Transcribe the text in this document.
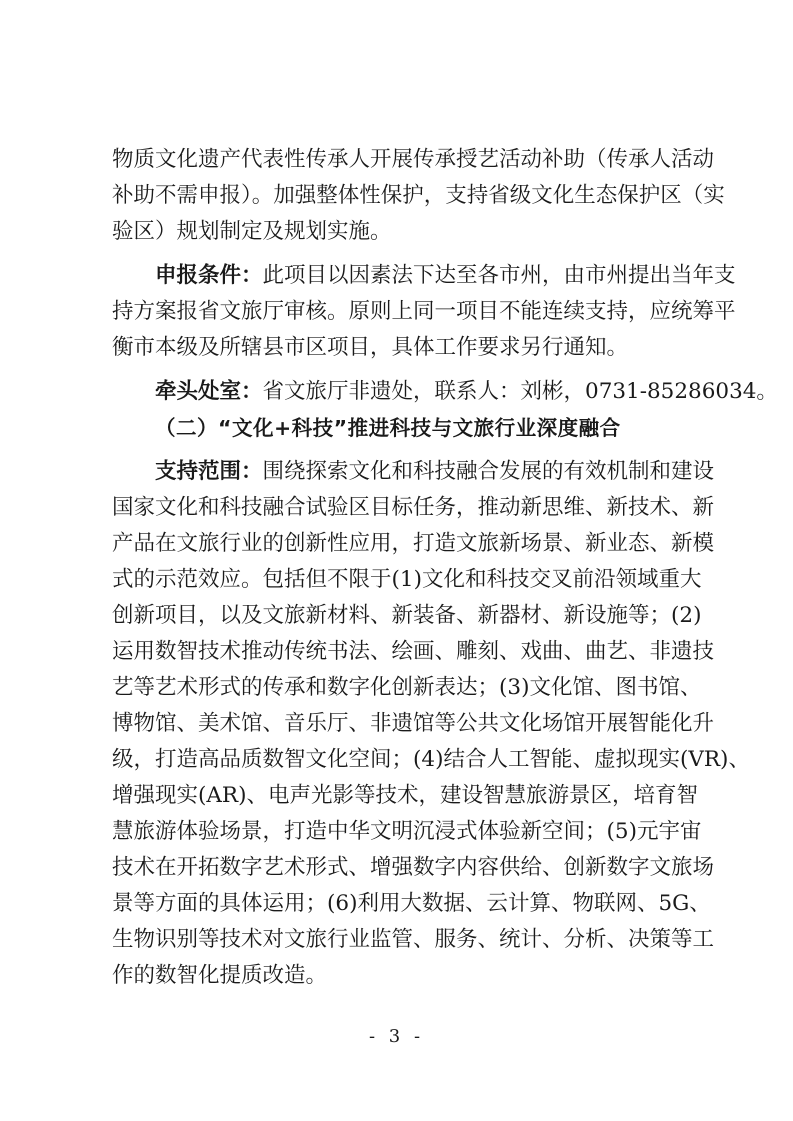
物质文化遗产代表性传承人开展传承授艺活动补助（传承人活动
补助不需申报）。加强整体性保护，支持省级文化生态保护区（实
验区）规划制定及规划实施。
申报条件：此项目以因素法下达至各市州，由市州提出当年支
持方案报省文旅厅审核。原则上同一项目不能连续支持，应统筹平
衡市本级及所辖县市区项目，具体工作要求另行通知。
牵头处室：省文旅厅非遗处，联系人：刘彬，0731-85286034。
（二）“文化+科技”推进科技与文旅行业深度融合
支持范围：围绕探索文化和科技融合发展的有效机制和建设
国家文化和科技融合试验区目标任务，推动新思维、新技术、新
产品在文旅行业的创新性应用，打造文旅新场景、新业态、新模
式的示范效应。包括但不限于(1)文化和科技交叉前沿领域重大
创新项目，以及文旅新材料、新装备、新器材、新设施等；(2)
运用数智技术推动传统书法、绘画、雕刻、戏曲、曲艺、非遗技
艺等艺术形式的传承和数字化创新表达；(3)文化馆、图书馆、
博物馆、美术馆、音乐厅、非遗馆等公共文化场馆开展智能化升
级，打造高品质数智文化空间；(4)结合人工智能、虚拟现实(VR)、
增强现实(AR)、电声光影等技术，建设智慧旅游景区，培育智
慧旅游体验场景，打造中华文明沉浸式体验新空间；(5)元宇宙
技术在开拓数字艺术形式、增强数字内容供给、创新数字文旅场
景等方面的具体运用；(6)利用大数据、云计算、物联网、5G、
生物识别等技术对文旅行业监管、服务、统计、分析、决策等工
作的数智化提质改造。
- 3 -
